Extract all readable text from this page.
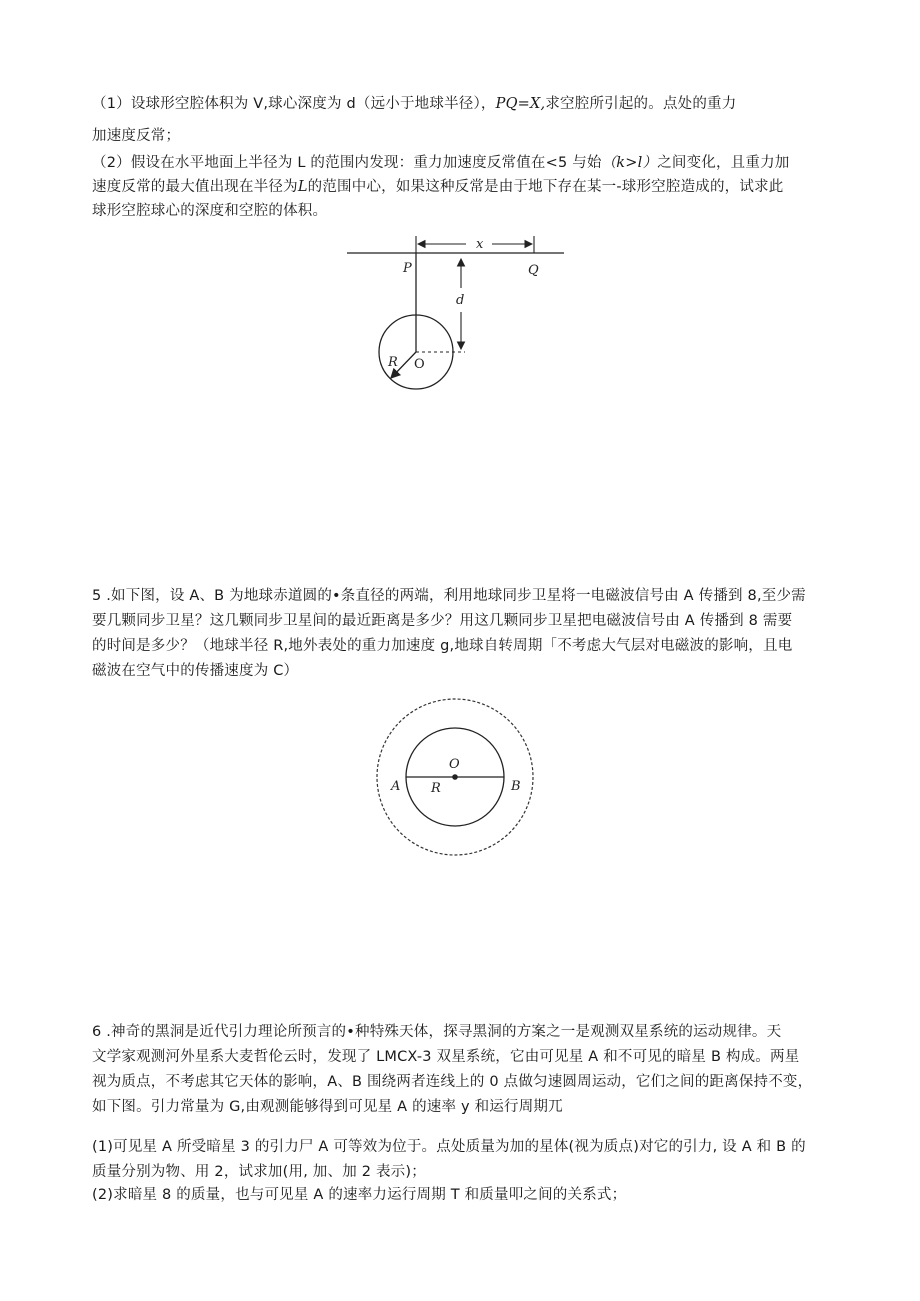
（1）设球形空腔体积为 V,球心深度为 d（远小于地球半径），PQ=X,求空腔所引起的。点处的重力
加速度反常；
（2）假设在水平地面上半径为 L 的范围内发现：重力加速度反常值在<5 与始（k>l）之间变化，且重力加
速度反常的最大值出现在半径为L的范围中心，如果这种反常是由于地下存在某一-球形空腔造成的，试求此
球形空腔球心的深度和空腔的体积。
x
P	Q
d
R O
5 .如下图，设 A、B 为地球赤道圆的•条直径的两端，利用地球同步卫星将一电磁波信号由 A 传播到 8,至少需
要几颗同步卫星？这几颗同步卫星间的最近距离是多少？用这几颗同步卫星把电磁波信号由 A 传播到 8 需要
的时间是多少？（地球半径 R,地外表处的重力加速度 g,地球自转周期「不考虑大气层对电磁波的影响，且电
磁波在空气中的传播速度为 C）
O
A	B
R
6 .神奇的黑洞是近代引力理论所预言的•种特殊天体，探寻黑洞的方案之一是观测双星系统的运动规律。天
文学家观测河外星系大麦哲伦云时，发现了 LMCX-3 双星系统，它由可见星 A 和不可见的暗星 B 构成。两星
视为质点，不考虑其它天体的影响，A、B 围绕两者连线上的 0 点做匀速圆周运动，它们之间的距离保持不变，
如下图。引力常量为 G,由观测能够得到可见星 A 的速率 y 和运行周期兀
(1)可见星 A 所受暗星 3 的引力尸 A 可等效为位于。点处质量为加的星体(视为质点)对它的引力, 设 A 和 B 的
质量分别为物、用 2，试求加(用, 加、加 2 表示)；
(2)求暗星 8 的质量，也与可见星 A 的速率力运行周期 T 和质量叩之间的关系式；
